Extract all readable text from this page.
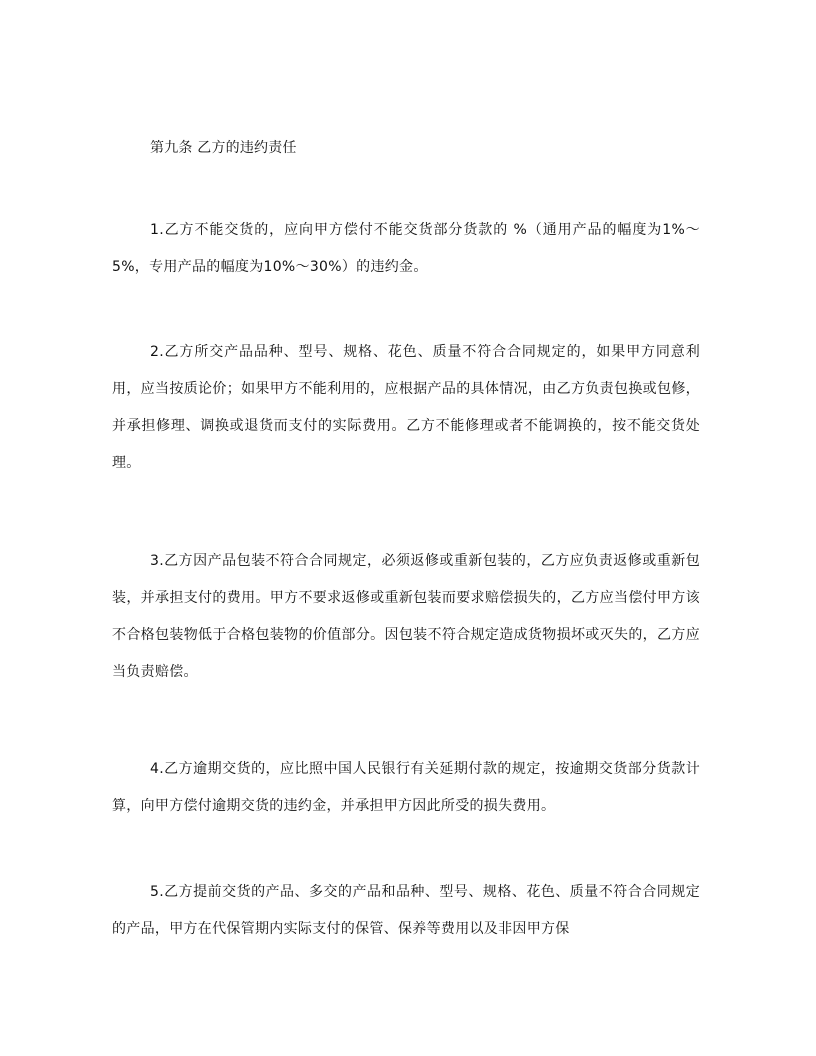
第九条 乙方的违约责任

1.乙方不能交货的，应向甲方偿付不能交货部分货款的 %（通用产品的幅度为1%～5%，专用产品的幅度为10%～30%）的违约金。

2.乙方所交产品品种、型号、规格、花色、质量不符合合同规定的，如果甲方同意利用，应当按质论价；如果甲方不能利用的，应根据产品的具体情况，由乙方负责包换或包修，并承担修理、调换或退货而支付的实际费用。乙方不能修理或者不能调换的，按不能交货处理。

3.乙方因产品包装不符合合同规定，必须返修或重新包装的，乙方应负责返修或重新包装，并承担支付的费用。甲方不要求返修或重新包装而要求赔偿损失的，乙方应当偿付甲方该不合格包装物低于合格包装物的价值部分。因包装不符合规定造成货物损坏或灭失的，乙方应当负责赔偿。

4.乙方逾期交货的，应比照中国人民银行有关延期付款的规定，按逾期交货部分货款计算，向甲方偿付逾期交货的违约金，并承担甲方因此所受的损失费用。

5.乙方提前交货的产品、多交的产品和品种、型号、规格、花色、质量不符合合同规定的产品，甲方在代保管期内实际支付的保管、保养等费用以及非因甲方保
